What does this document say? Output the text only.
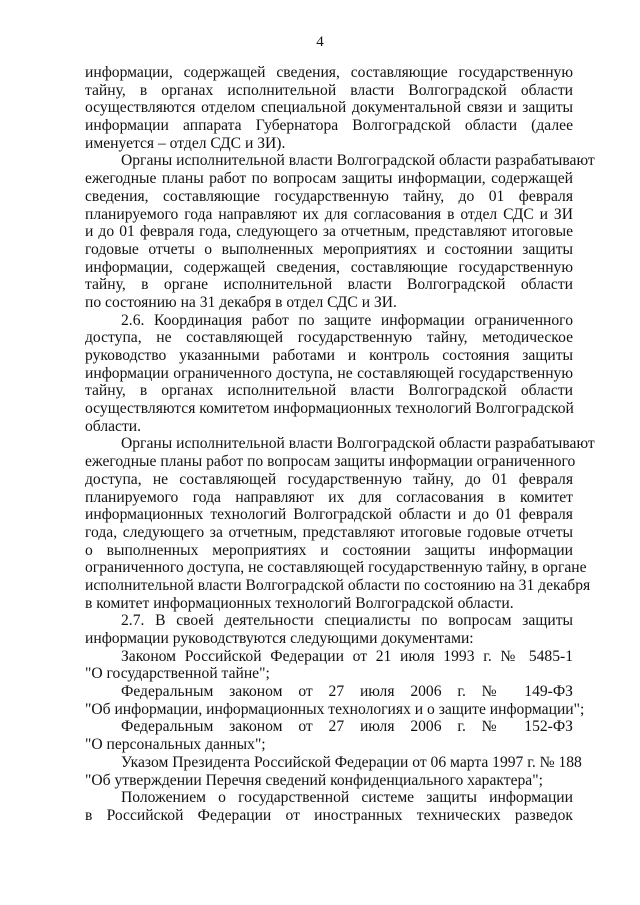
4
информации, содержащей сведения, составляющие государственную
тайну, в органах исполнительной власти Волгоградской области
осуществляются отделом специальной документальной связи и защиты
информации аппарата Губернатора Волгоградской области (далее
именуется – отдел СДС и ЗИ).
Органы исполнительной власти Волгоградской области разрабатывают
ежегодные планы работ по вопросам защиты информации, содержащей
сведения, составляющие государственную тайну, до 01 февраля
планируемого года направляют их для согласования в отдел СДС и ЗИ
и до 01 февраля года, следующего за отчетным, представляют итоговые
годовые отчеты о выполненных мероприятиях и состоянии защиты
информации, содержащей сведения, составляющие государственную
тайну, в органе исполнительной власти Волгоградской области
по состоянию на 31 декабря в отдел СДС и ЗИ.
2.6. Координация работ по защите информации ограниченного
доступа, не составляющей государственную тайну, методическое
руководство указанными работами и контроль состояния защиты
информации ограниченного доступа, не составляющей государственную
тайну, в органах исполнительной власти Волгоградской области
осуществляются комитетом информационных технологий Волгоградской
области.
Органы исполнительной власти Волгоградской области разрабатывают
ежегодные планы работ по вопросам защиты информации ограниченного
доступа, не составляющей государственную тайну, до 01 февраля
планируемого года направляют их для согласования в комитет
информационных технологий Волгоградской области и до 01 февраля
года, следующего за отчетным, представляют итоговые годовые отчеты
о выполненных мероприятиях и состоянии защиты информации
ограниченного доступа, не составляющей государственную тайну, в органе
исполнительной власти Волгоградской области по состоянию на 31 декабря
в комитет информационных технологий Волгоградской области.
2.7. В своей деятельности специалисты по вопросам защиты
информации руководствуются следующими документами:
Законом Российской Федерации от 21 июля 1993 г. № 5485-1
"О государственной тайне";
Федеральным законом от 27 июля 2006 г. № 149-ФЗ
"Об информации, информационных технологиях и о защите информации";
Федеральным законом от 27 июля 2006 г. № 152-ФЗ
"О персональных данных";
Указом Президента Российской Федерации от 06 марта 1997 г. № 188
"Об утверждении Перечня сведений конфиденциального характера";
Положением о государственной системе защиты информации
в Российской Федерации от иностранных технических разведок
